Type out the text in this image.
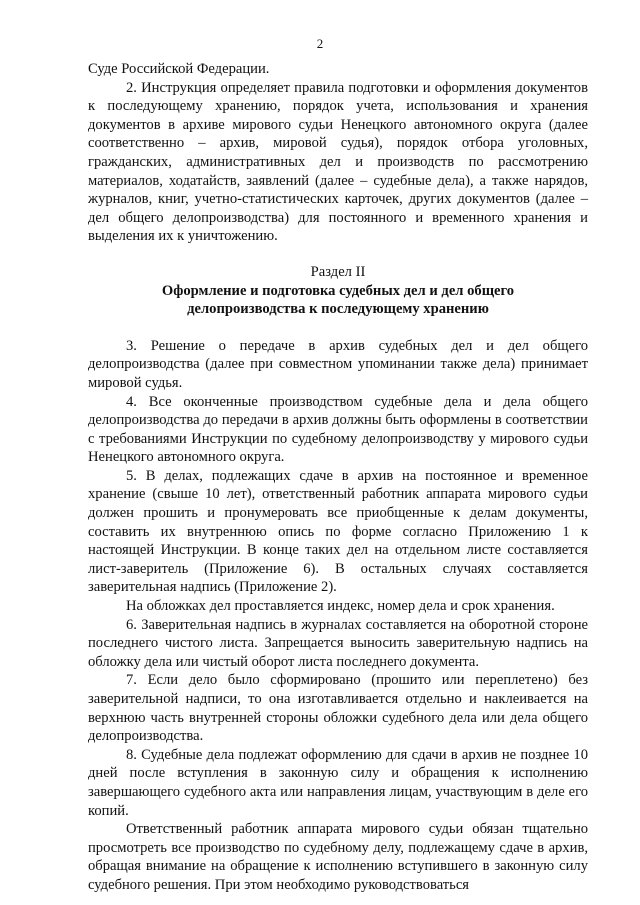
2

Суде Российской Федерации.

2. Инструкция определяет правила подготовки и оформления документов к последующему хранению, порядок учета, использования и хранения документов в архиве мирового судьи Ненецкого автономного округа (далее соответственно – архив, мировой судья), порядок отбора уголовных, гражданских, административных дел и производств по рассмотрению материалов, ходатайств, заявлений (далее – судебные дела), а также нарядов, журналов, книг, учетно-статистических карточек, других документов (далее – дел общего делопроизводства) для постоянного и временного хранения и выделения их к уничтожению.

Раздел II

Оформление и подготовка судебных дел и дел общего
делопроизводства к последующему хранению

3. Решение о передаче в архив судебных дел и дел общего делопроизводства (далее при совместном упоминании также дела) принимает мировой судья.

4. Все оконченные производством судебные дела и дела общего делопроизводства до передачи в архив должны быть оформлены в соответствии с требованиями Инструкции по судебному делопроизводству у мирового судьи Ненецкого автономного округа.

5. В делах, подлежащих сдаче в архив на постоянное и временное хранение (свыше 10 лет), ответственный работник аппарата мирового судьи должен прошить и пронумеровать все приобщенные к делам документы, составить их внутреннюю опись по форме согласно Приложению 1 к настоящей Инструкции. В конце таких дел на отдельном листе составляется лист-заверитель (Приложение 6). В остальных случаях составляется заверительная надпись (Приложение 2).

На обложках дел проставляется индекс, номер дела и срок хранения.

6. Заверительная надпись в журналах составляется на оборотной стороне последнего чистого листа. Запрещается выносить заверительную надпись на обложку дела или чистый оборот листа последнего документа.

7. Если дело было сформировано (прошито или переплетено) без заверительной надписи, то она изготавливается отдельно и наклеивается на верхнюю часть внутренней стороны обложки судебного дела или дела общего делопроизводства.

8. Судебные дела подлежат оформлению для сдачи в архив не позднее 10 дней после вступления в законную силу и обращения к исполнению завершающего судебного акта или направления лицам, участвующим в деле его копий.

Ответственный работник аппарата мирового судьи обязан тщательно просмотреть все производство по судебному делу, подлежащему сдаче в архив, обращая внимание на обращение к исполнению вступившего в законную силу судебного решения. При этом необходимо руководствоваться
